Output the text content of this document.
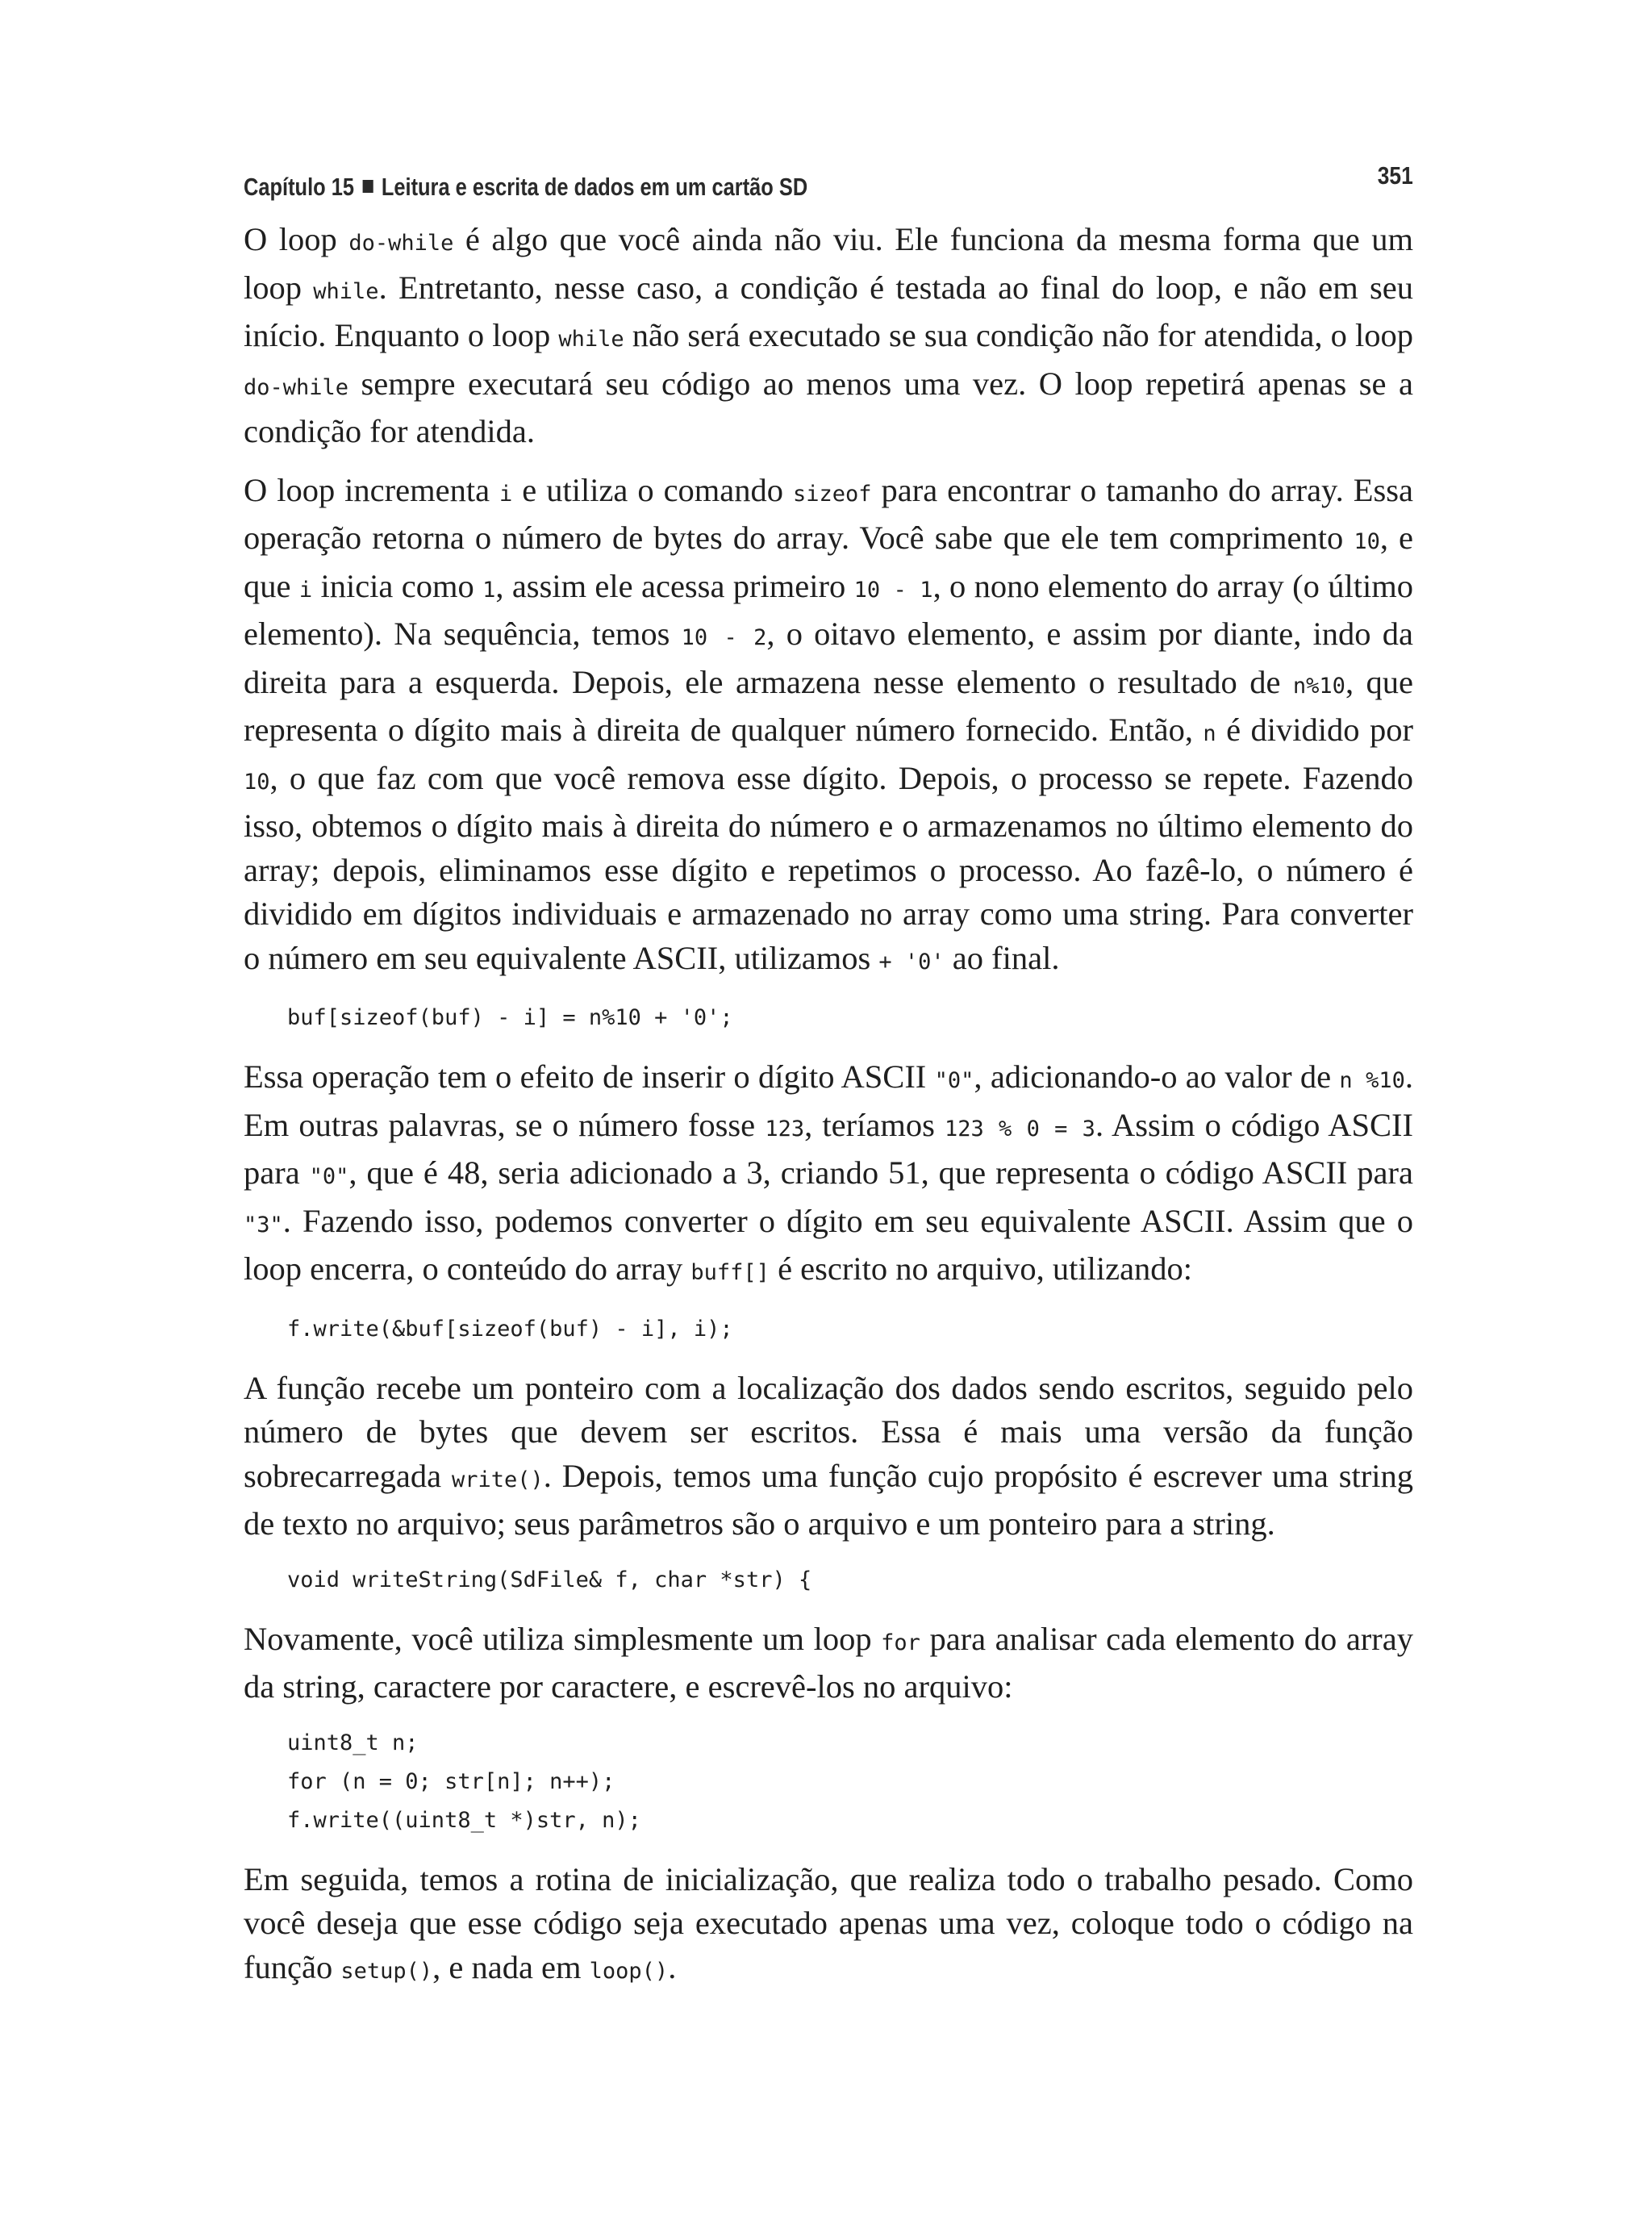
Capítulo 15 Leitura e escrita de dados em um cartão SD	351

O loop do-while é algo que você ainda não viu. Ele funciona da mesma forma que um loop while. Entretanto, nesse caso, a condição é testada ao final do loop, e não em seu início. Enquanto o loop while não será executado se sua condição não for atendida, o loop do-while sempre executará seu código ao menos uma vez. O loop repetirá apenas se a condição for atendida.

O loop incrementa i e utiliza o comando sizeof para encontrar o tamanho do array. Essa operação retorna o número de bytes do array. Você sabe que ele tem comprimento 10, e que i inicia como 1, assim ele acessa primeiro 10 - 1, o nono elemento do array (o último elemento). Na sequência, temos 10 - 2, o oitavo elemento, e assim por diante, indo da direita para a esquerda. Depois, ele armazena nesse elemento o resultado de n%10, que representa o dígito mais à direita de qualquer número fornecido. Então, n é dividido por 10, o que faz com que você remova esse dígito. Depois, o processo se repete. Fazendo isso, obtemos o dígito mais à direita do número e o armazenamos no último elemento do array; depois, eliminamos esse dígito e repetimos o processo. Ao fazê-lo, o número é dividido em dígitos individuais e armazenado no array como uma string. Para converter o número em seu equivalente ASCII, utilizamos + '0' ao final.

buf[sizeof(buf) - i] = n%10 + '0';

Essa operação tem o efeito de inserir o dígito ASCII "0", adicionando-o ao valor de n %10. Em outras palavras, se o número fosse 123, teríamos 123 % 0 = 3. Assim o código ASCII para "0", que é 48, seria adicionado a 3, criando 51, que representa o código ASCII para "3". Fazendo isso, podemos converter o dígito em seu equivalente ASCII. Assim que o loop encerra, o conteúdo do array buff[] é escrito no arquivo, utilizando:

f.write(&buf[sizeof(buf) - i], i);

A função recebe um ponteiro com a localização dos dados sendo escritos, seguido pelo número de bytes que devem ser escritos. Essa é mais uma versão da função sobrecarregada write(). Depois, temos uma função cujo propósito é escrever uma string de texto no arquivo; seus parâmetros são o arquivo e um ponteiro para a string.

void writeString(SdFile& f, char *str) {

Novamente, você utiliza simplesmente um loop for para analisar cada elemento do array da string, caractere por caractere, e escrevê-los no arquivo:

uint8_t n;
for (n = 0; str[n]; n++);
f.write((uint8_t *)str, n);

Em seguida, temos a rotina de inicialização, que realiza todo o trabalho pesado. Como você deseja que esse código seja executado apenas uma vez, coloque todo o código na função setup(), e nada em loop().
